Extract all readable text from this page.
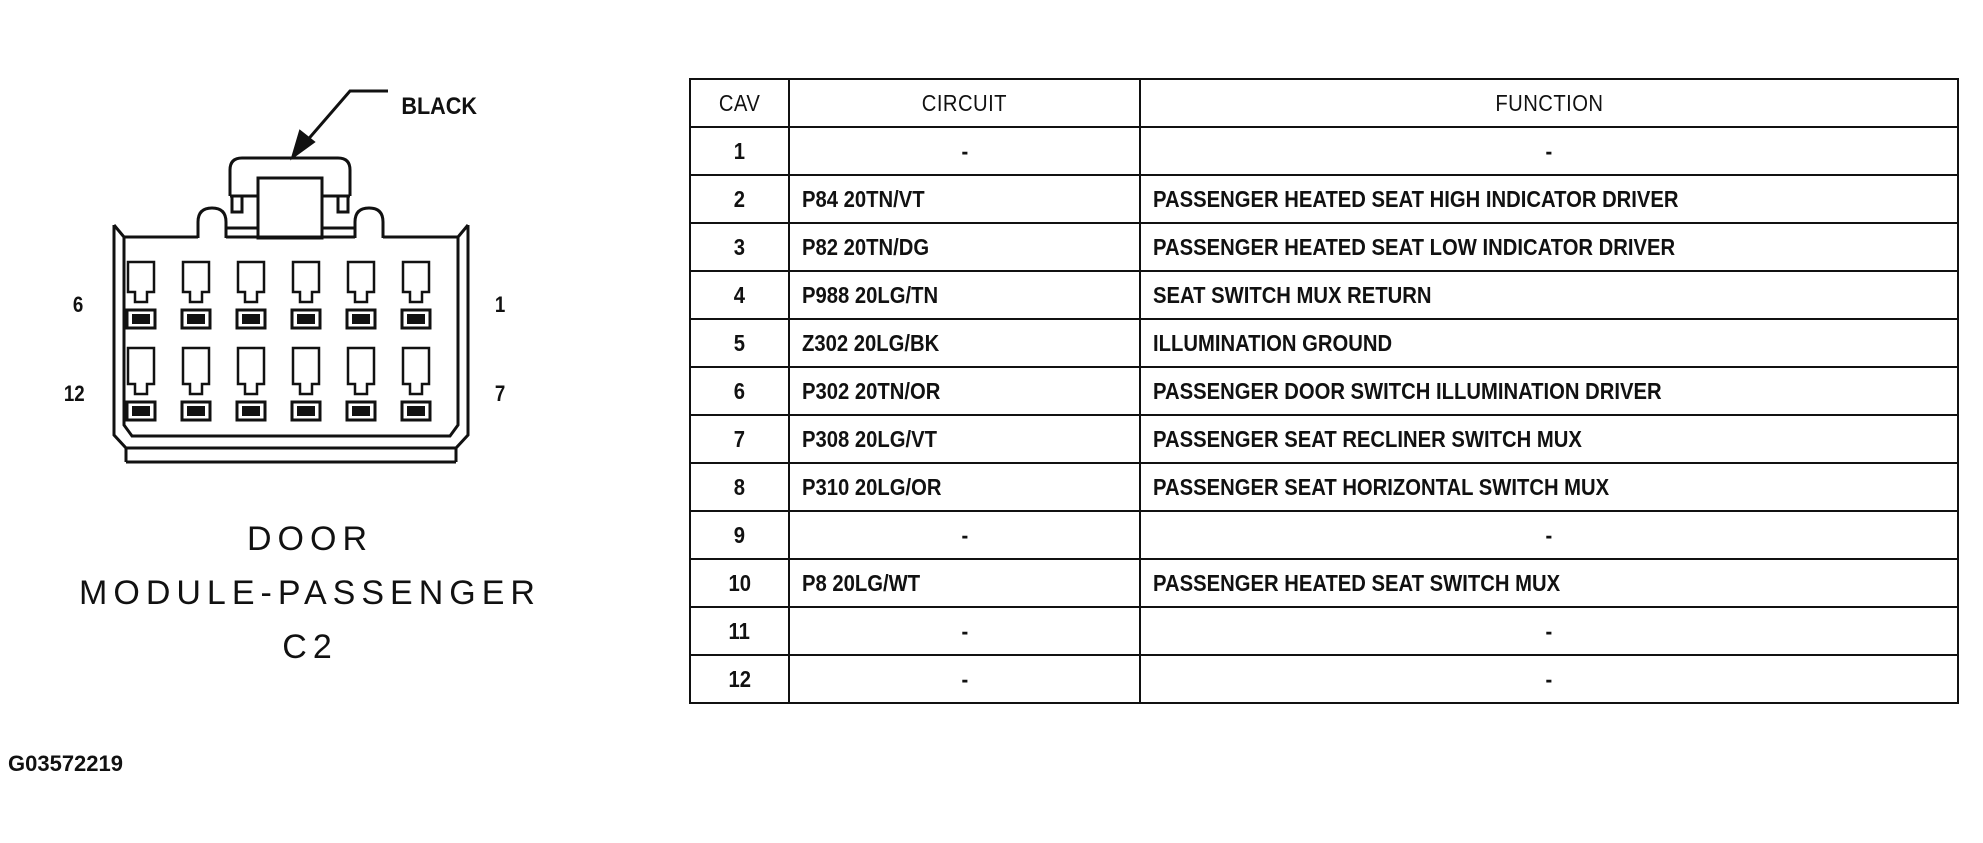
BLACK
6	1
12	7
DOOR
MODULE-PASSENGER
C2
CAV	CIRCUIT	FUNCTION
1	-	-
2	P84 20TN/VT	PASSENGER HEATED SEAT HIGH INDICATOR DRIVER
3	P82 20TN/DG	PASSENGER HEATED SEAT LOW INDICATOR DRIVER
4	P988 20LG/TN	SEAT SWITCH MUX RETURN
5	Z302 20LG/BK	ILLUMINATION GROUND
6	P302 20TN/OR	PASSENGER DOOR SWITCH ILLUMINATION DRIVER
7	P308 20LG/VT	PASSENGER SEAT RECLINER SWITCH MUX
8	P310 20LG/OR	PASSENGER SEAT HORIZONTAL SWITCH MUX
9	-	-
10	P8 20LG/WT	PASSENGER HEATED SEAT SWITCH MUX
11	-	-
12	-	-
G03572219
